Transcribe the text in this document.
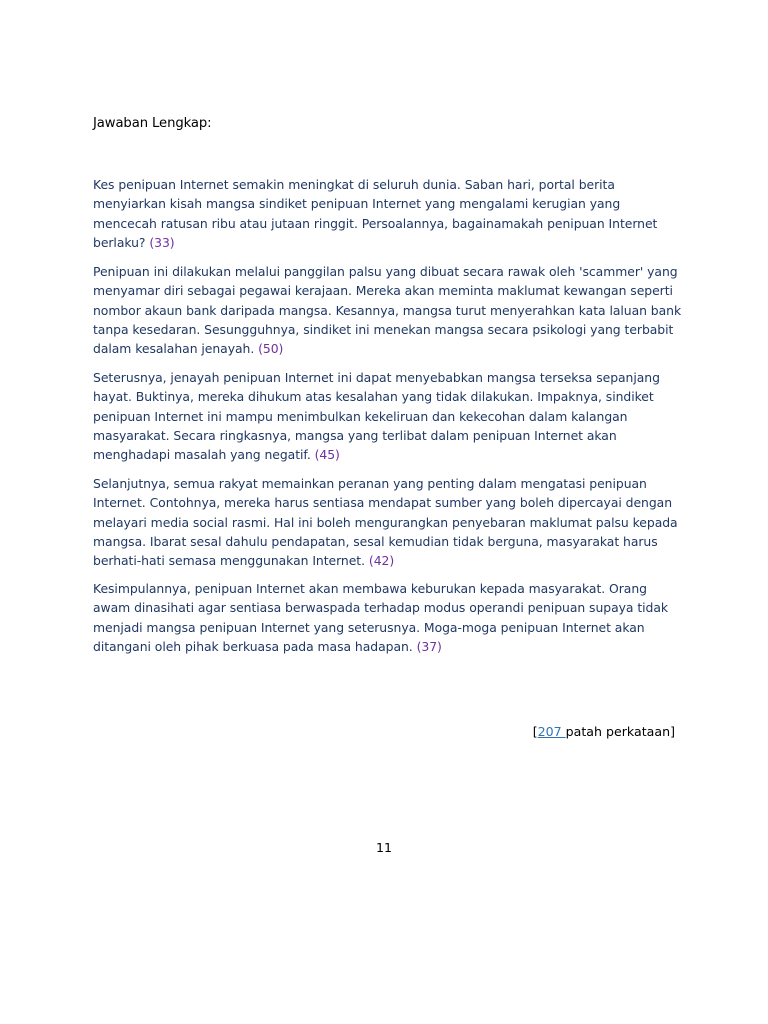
Jawaban Lengkap:

Kes penipuan Internet semakin meningkat di seluruh dunia. Saban hari, portal berita menyiarkan kisah mangsa sindiket penipuan Internet yang mengalami kerugian yang mencecah ratusan ribu atau jutaan ringgit. Persoalannya, bagainamakah penipuan Internet berlaku? (33)

Penipuan ini dilakukan melalui panggilan palsu yang dibuat secara rawak oleh 'scammer' yang menyamar diri sebagai pegawai kerajaan. Mereka akan meminta maklumat kewangan seperti nombor akaun bank daripada mangsa. Kesannya, mangsa turut menyerahkan kata laluan bank tanpa kesedaran. Sesungguhnya, sindiket ini menekan mangsa secara psikologi yang terbabit dalam kesalahan jenayah. (50)

Seterusnya, jenayah penipuan Internet ini dapat menyebabkan mangsa terseksa sepanjang hayat. Buktinya, mereka dihukum atas kesalahan yang tidak dilakukan. Impaknya, sindiket penipuan Internet ini mampu menimbulkan kekeliruan dan kekecohan dalam kalangan masyarakat. Secara ringkasnya, mangsa yang terlibat dalam penipuan Internet akan menghadapi masalah yang negatif. (45)

Selanjutnya, semua rakyat memainkan peranan yang penting dalam mengatasi penipuan Internet. Contohnya, mereka harus sentiasa mendapat sumber yang boleh dipercayai dengan melayari media social rasmi. Hal ini boleh mengurangkan penyebaran maklumat palsu kepada mangsa. Ibarat sesal dahulu pendapatan, sesal kemudian tidak berguna, masyarakat harus berhati-hati semasa menggunakan Internet. (42)

Kesimpulannya, penipuan Internet akan membawa keburukan kepada masyarakat. Orang awam dinasihati agar sentiasa berwaspada terhadap modus operandi penipuan supaya tidak menjadi mangsa penipuan Internet yang seterusnya. Moga-moga penipuan Internet akan ditangani oleh pihak berkuasa pada masa hadapan. (37)

[207 patah perkataan]
11
